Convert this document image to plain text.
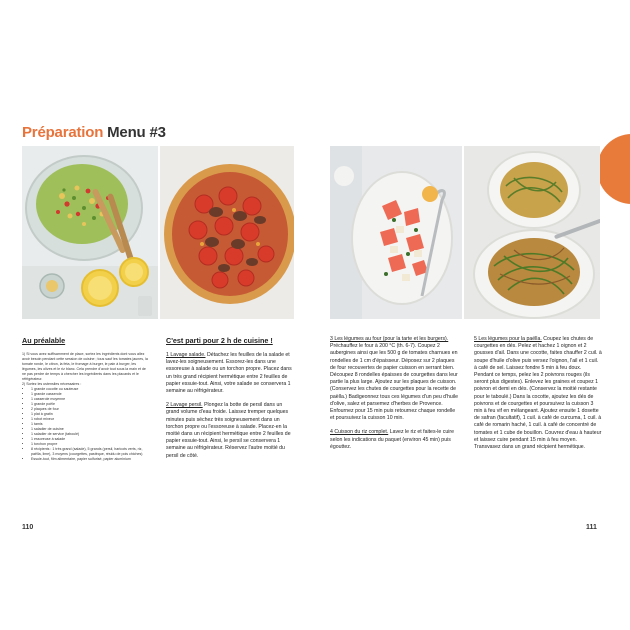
Préparation Menu #3
Au préalable

1) Si vous avez suffisamment de place, sortez les ingrédients dont vous allez avoir besoin pendant cette session de cuisine ; tous sauf les tomates jaunes, la tomate ronde, le citron, la feta, le fromage à burger, le pain à burger, les légumes, les olives et le riz blanc. Cela prendre d'avoir tout sous la main et de ne pas perdre de temps à chercher les ingrédients dans les placards et le réfrigérateur.

2) Sortez les ustensiles nécessaires :

• 1 grande cocotte ou sauteuse
• 1 grande casserole
• 1 casserole moyenne
• 1 grande poêle
• 2 plaques de four
• 1 plat à gratin
• 1 robot mixeur
• 1 tamis
• 1 saladier de cuisine
• 1 saladier de service (taboulé)
• 1 essoreuse à salade
• 1 torchon propre
• 8 récipients : 1 très grand (salade), 5 grands (persil, haricots verts, riz, paëlla, lime), 3 moyens (courgettes, pastèque, résidu de pois chiches)
• Essuie-tout, film alimentaire, papier sulfurisé, papier aluminium
C'est parti pour 2 h de cuisine !

1 Lavage salade. Détachez les feuilles de la salade et lavez-les soigneusement. Essorez-les dans une essoreuse à salade ou un torchon propre. Placez dans un très grand récipient hermétique entre 2 feuilles de papier essuie-tout. Ainsi, votre salade se conservera 1 semaine au réfrigérateur.

2 Lavage persil. Plongez la botte de persil dans un grand volume d'eau froide. Laissez tremper quelques minutes puis séchez très soigneusement dans un torchon propre ou l'essoreuse à salade. Placez-en la moitié dans un récipient hermétique entre 2 feuilles de papier essuie-tout. Ainsi, le persil se conservera 1 semaine au réfrigérateur. Réservez l'autre moitié du persil de côté.

3 Les légumes au four (pour la tarte et les burgers). Préchauffez le four à 200 °C (th. 6-7). Coupez 2 aubergines ainsi que les 500 g de tomates charnues en rondelles de 1 cm d'épaisseur. Déposez sur 2 plaques de four recouvertes de papier cuisson en serrant bien. Découpez 8 rondelles épaisses de courgettes dans leur partie la plus large. Ajoutez sur les plaques de cuisson. (Conservez les chutes de courgettes pour la recette de paëlla.) Badigeonnez tous ces légumes d'un peu d'huile d'olive, salez et parsemez d'herbes de Provence. Enfournez pour 15 min puis retournez chaque rondelle et poursuivez la cuisson 10 min.

4 Cuisson du riz complet. Lavez le riz et faites-le cuire selon les indications du paquet (environ 45 min) puis égouttez.

5 Les légumes pour la paëlla. Coupez les chutes de courgettes en dés. Pelez et hachez 1 oignon et 2 gousses d'ail. Dans une cocotte, faites chauffer 2 cuil. à soupe d'huile d'olive puis versez l'oignon, l'ail et 1 cuil. à café de sel. Laissez fondre 5 min à feu doux. Pendant ce temps, pelez les 2 poivrons rouges (ils seront plus digestes). Enlevez les graines et coupez 1 poivron et demi en dés. (Conservez la moitié restante pour le taboulé.) Dans la cocotte, ajoutez les dés de poivrons et de courgettes et poursuivez la cuisson 3 min à feu vif en mélangeant. Ajoutez ensuite 1 dosette de safran (facultatif), 1 cuil. à café de curcuma, 1 cuil. à café de romarin haché, 1 cuil. à café de concentré de tomates et 1 cube de bouillon. Couvrez d'eau à hauteur et laissez cuire pendant 15 min à feu moyen. Transvasez dans un grand récipient hermétique.

110	111
